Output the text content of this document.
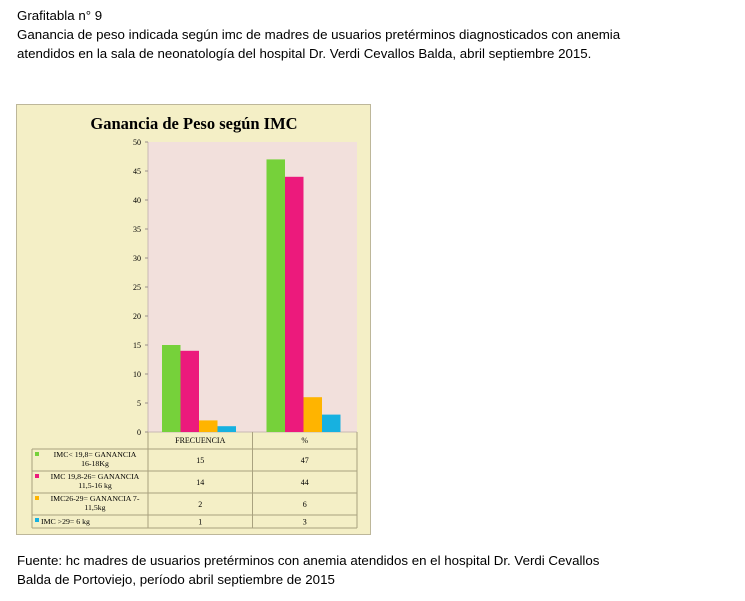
Grafitabla n° 9
Ganancia de peso indicada según imc de madres de usuarios pretérminos diagnosticados con anemia
atendidos en la sala de neonatología del hospital Dr. Verdi Cevallos Balda, abril septiembre 2015.
Ganancia de Peso según IMC
0
5
10
15
20
25
30
35
40
45
50
FRECUENCIA	%
IMC< 19,8= GANANCIA
16-18Kg	15	47
IMC 19,8-26= GANANCIA
11,5-16 kg	14	44
IMC26-29= GANANCIA 7-
11,5kg	2	6
IMC >29= 6 kg	1	3
Fuente: hc madres de usuarios pretérminos con anemia atendidos en el hospital Dr. Verdi Cevallos
Balda de Portoviejo, período abril septiembre de 2015
